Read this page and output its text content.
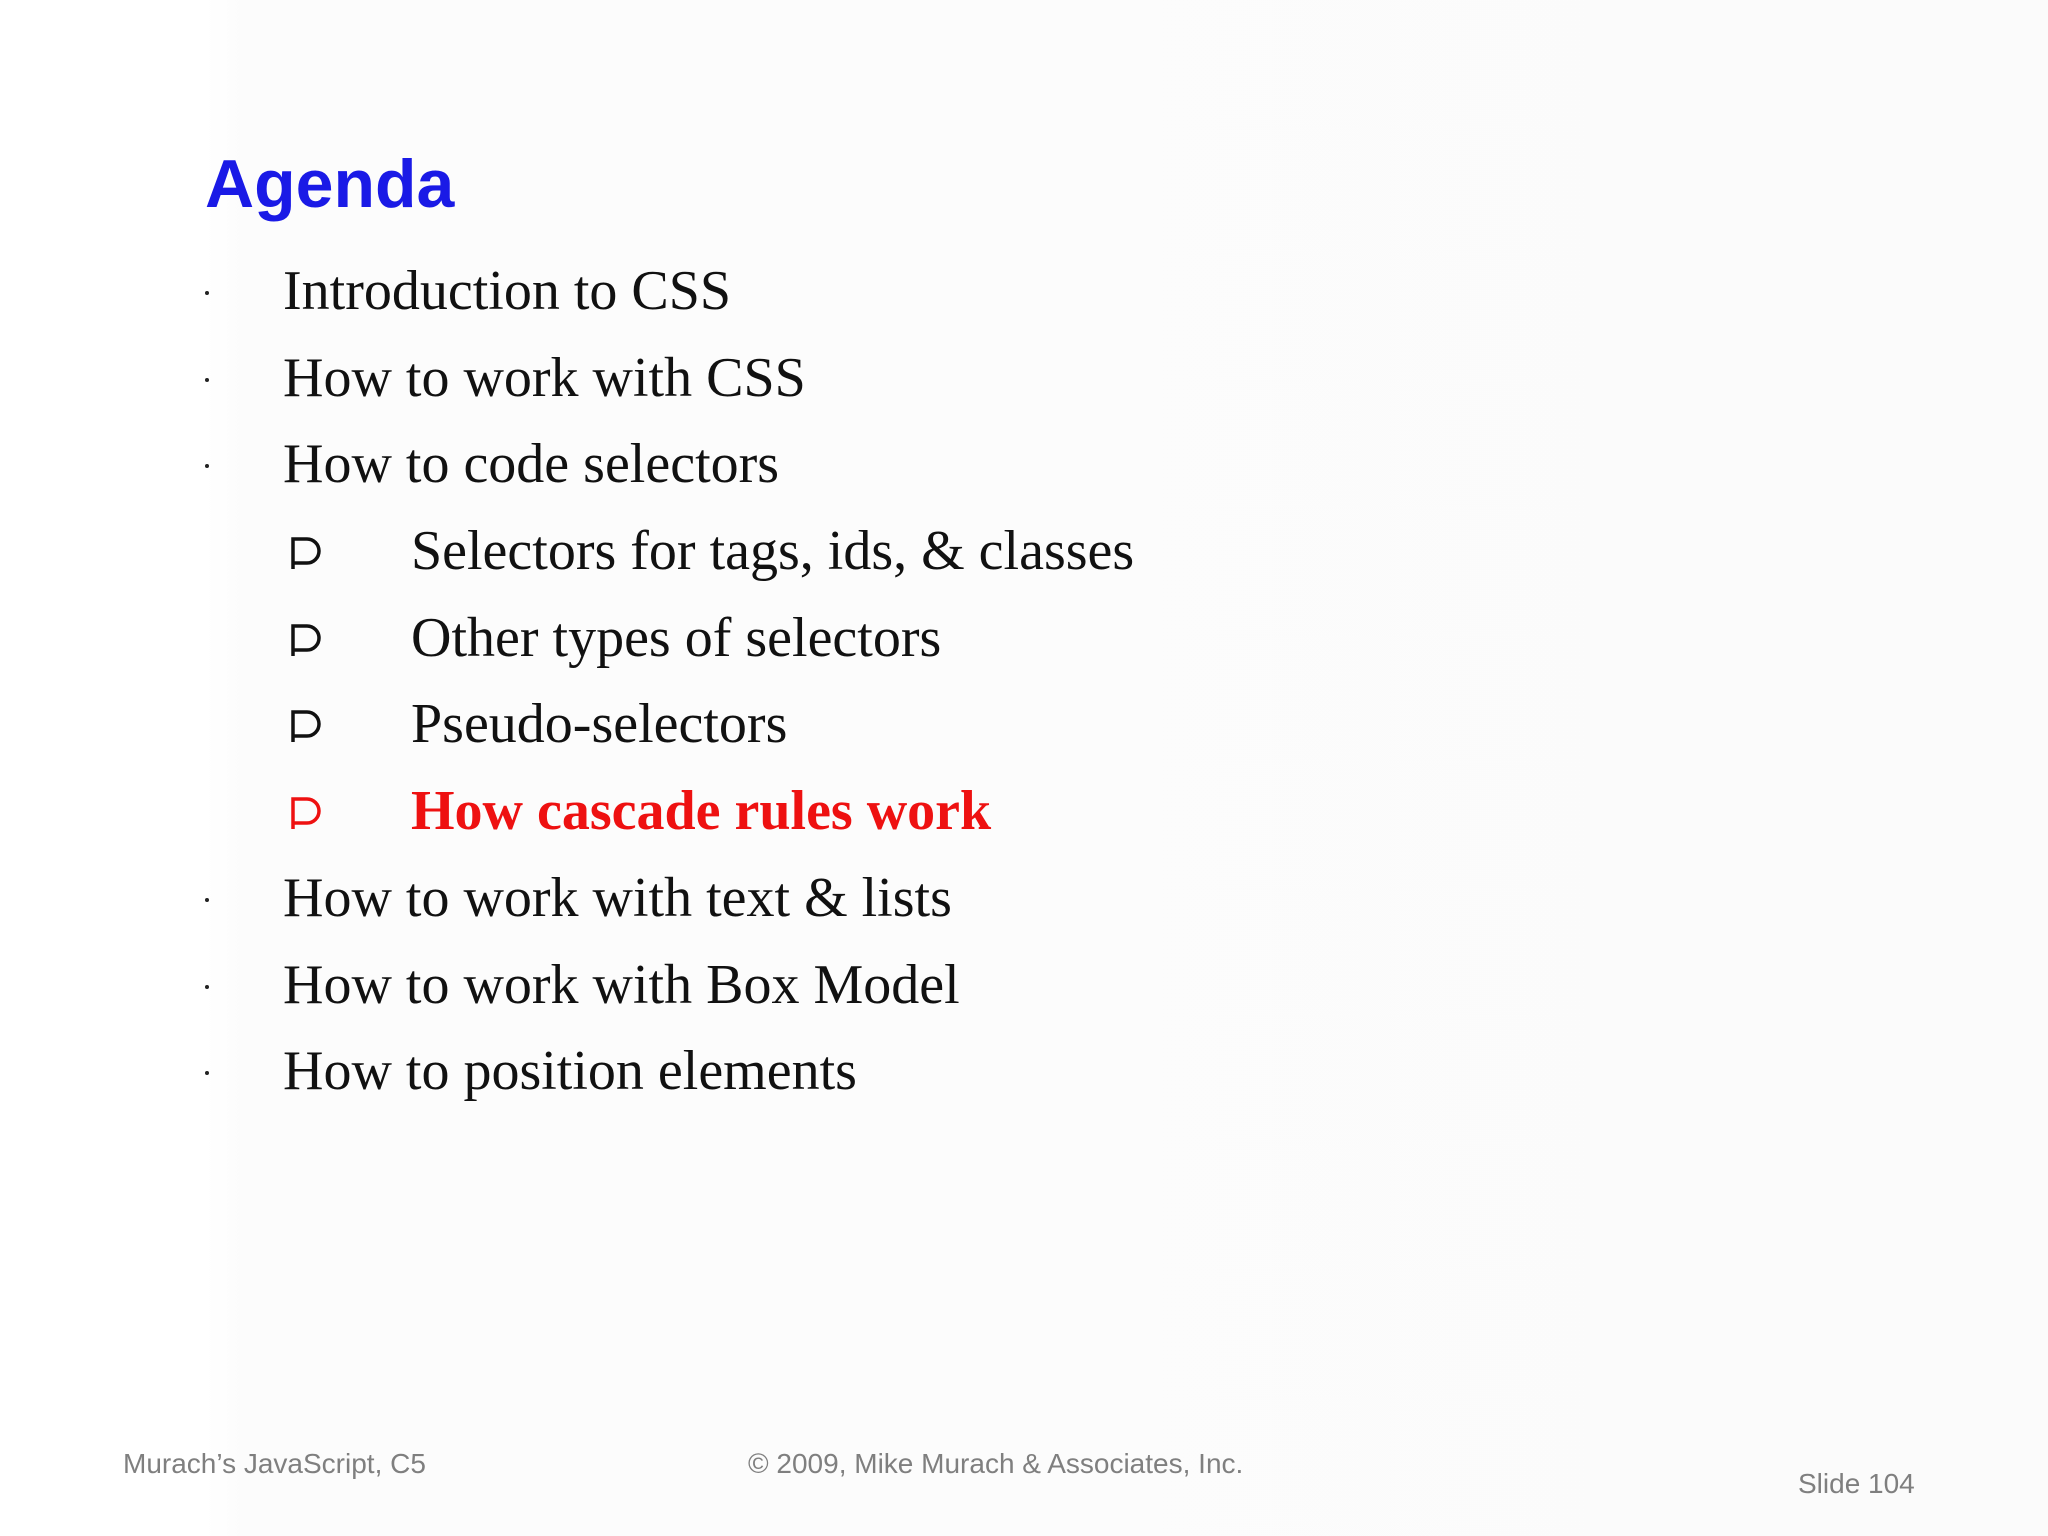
Agenda
Introduction to CSS
How to work with CSS
How to code selectors
Selectors for tags, ids, & classes
Other types of selectors
Pseudo-selectors
How cascade rules work
How to work with text & lists
How to work with Box Model
How to position elements
Murach’s JavaScript, C5	© 2009, Mike Murach & Associates, Inc.
Slide 104
